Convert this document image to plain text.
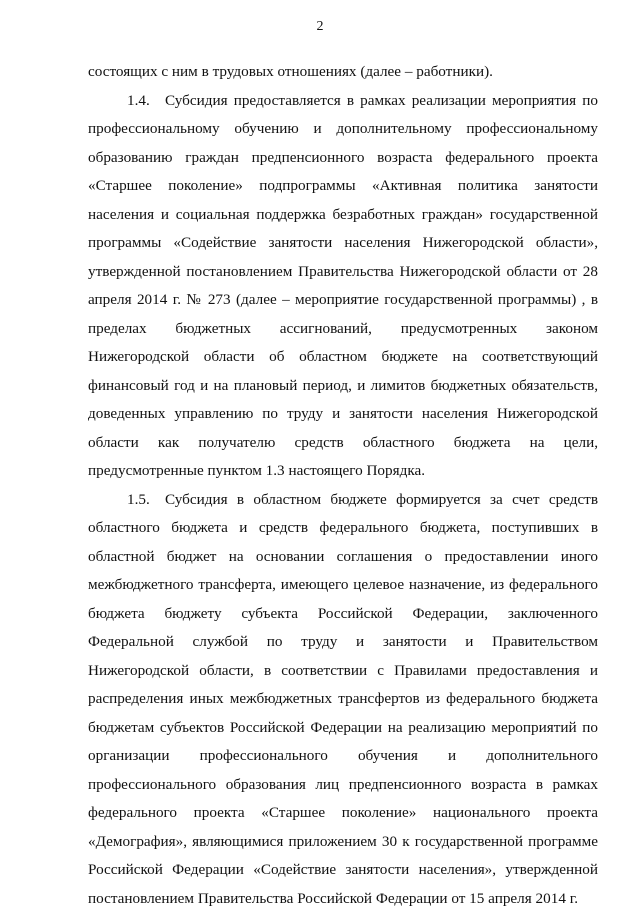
2

состоящих с ним в трудовых отношениях (далее – работники).

1.4. Субсидия предоставляется в рамках реализации мероприятия по профессиональному обучению и дополнительному профессиональному образованию граждан предпенсионного возраста федерального проекта «Старшее поколение» подпрограммы «Активная политика занятости населения и социальная поддержка безработных граждан» государственной программы «Содействие занятости населения Нижегородской области», утвержденной постановлением Правительства Нижегородской области от 28 апреля 2014 г. № 273 (далее – мероприятие государственной программы) , в пределах бюджетных ассигнований, предусмотренных законом Нижегородской области об областном бюджете на соответствующий финансовый год и на плановый период, и лимитов бюджетных обязательств, доведенных управлению по труду и занятости населения Нижегородской области как получателю средств областного бюджета на цели, предусмотренные пунктом 1.3 настоящего Порядка.

1.5. Субсидия в областном бюджете формируется за счет средств областного бюджета и средств федерального бюджета, поступивших в областной бюджет на основании соглашения о предоставлении иного межбюджетного трансферта, имеющего целевое назначение, из федерального бюджета бюджету субъекта Российской Федерации, заключенного Федеральной службой по труду и занятости и Правительством Нижегородской области, в соответствии с Правилами предоставления и распределения иных межбюджетных трансфертов из федерального бюджета бюджетам субъектов Российской Федерации на реализацию мероприятий по организации профессионального обучения и дополнительного профессионального образования лиц предпенсионного возраста в рамках федерального проекта «Старшее поколение» национального проекта «Демография», являющимися приложением 30 к государственной программе Российской Федерации «Содействие занятости населения», утвержденной постановлением Правительства Российской Федерации от 15 апреля 2014 г.
